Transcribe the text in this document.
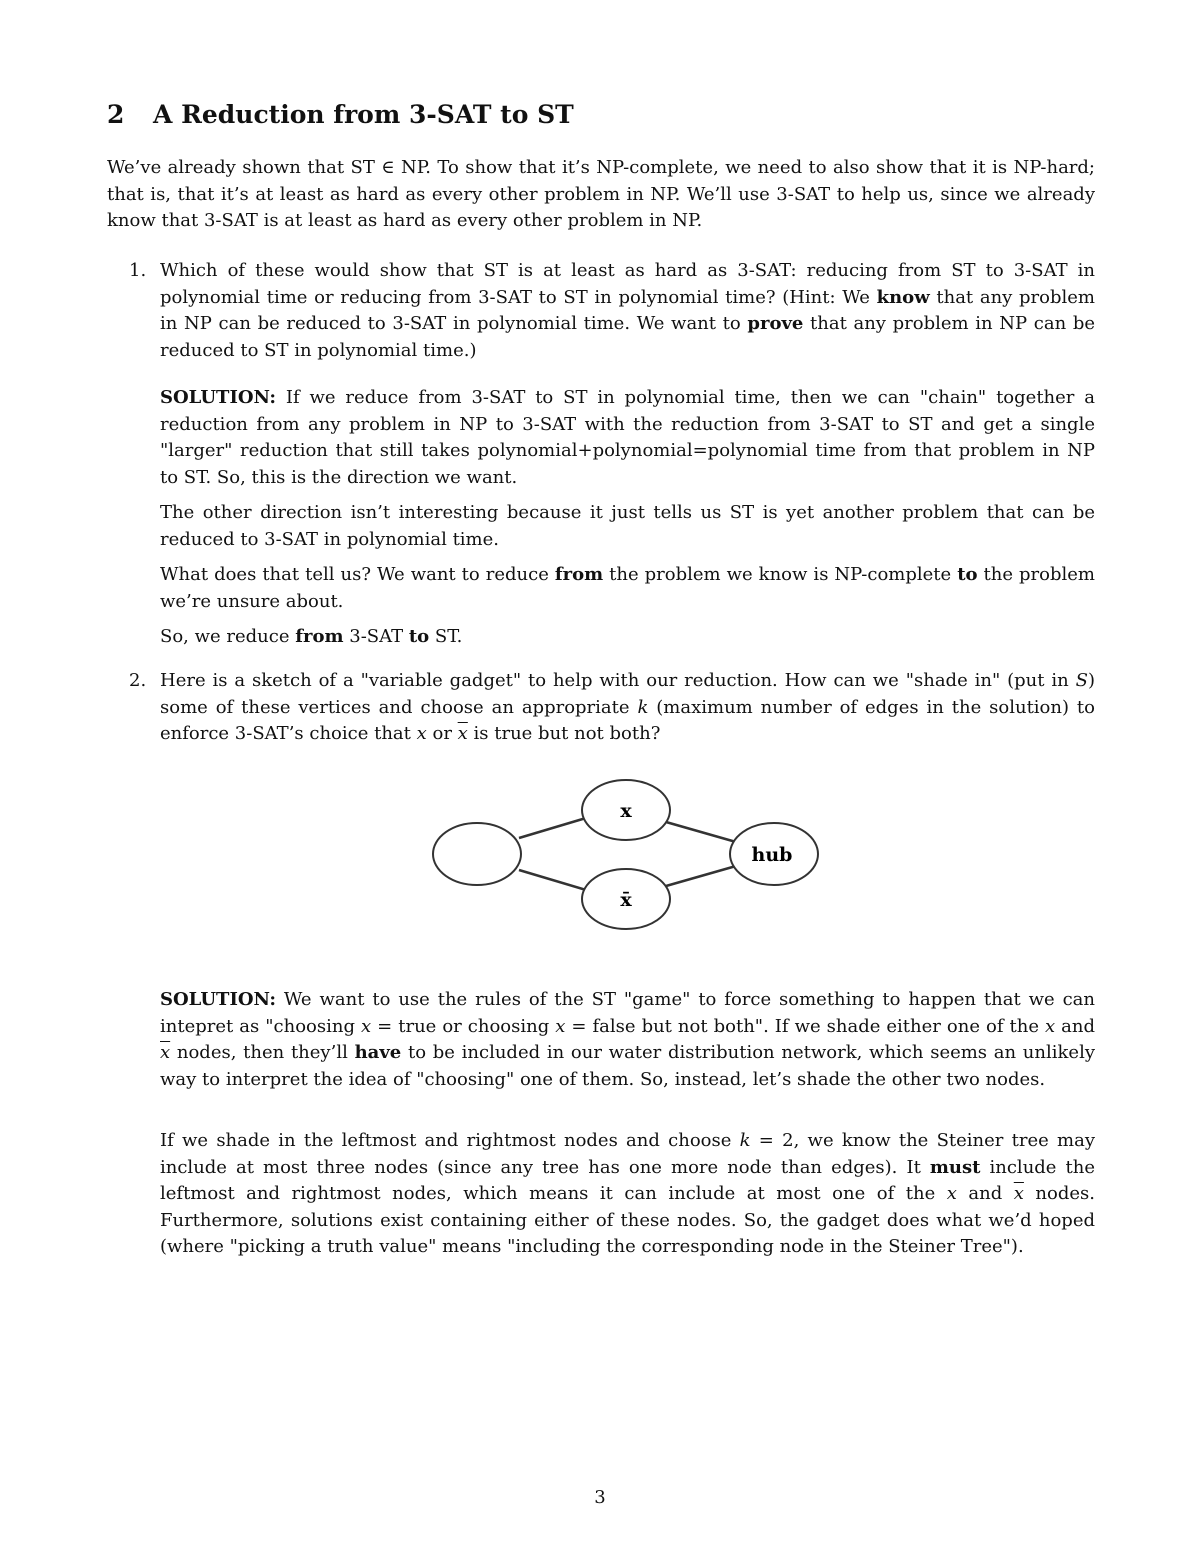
2 A Reduction from 3-SAT to ST

We’ve already shown that ST ∈ NP. To show that it’s NP-complete, we need to also show that it is NP-hard; that is, that it’s at least as hard as every other problem in NP. We’ll use 3-SAT to help us, since we already know that 3-SAT is at least as hard as every other problem in NP.

1. Which of these would show that ST is at least as hard as 3-SAT: reducing from ST to 3-SAT in polynomial time or reducing from 3-SAT to ST in polynomial time? (Hint: We know that any problem in NP can be reduced to 3-SAT in polynomial time. We want to prove that any problem in NP can be reduced to ST in polynomial time.)

SOLUTION: If we reduce from 3-SAT to ST in polynomial time, then we can "chain" together a reduction from any problem in NP to 3-SAT with the reduction from 3-SAT to ST and get a single "larger" reduction that still takes polynomial+polynomial=polynomial time from that problem in NP to ST. So, this is the direction we want.

The other direction isn’t interesting because it just tells us ST is yet another problem that can be reduced to 3-SAT in polynomial time.

What does that tell us? We want to reduce from the problem we know is NP-complete to the problem we’re unsure about.

So, we reduce from 3-SAT to ST.

2. Here is a sketch of a "variable gadget" to help with our reduction. How can we "shade in" (put in S) some of these vertices and choose an appropriate k (maximum number of edges in the solution) to enforce 3-SAT’s choice that x or $\overline{x}$ is true but not both?

x
x̄
hub

SOLUTION: We want to use the rules of the ST "game" to force something to happen that we can intepret as "choosing x = true or choosing x = false but not both". If we shade either one of the x and $\overline{x}$ nodes, then they’ll have to be included in our water distribution network, which seems an unlikely way to interpret the idea of "choosing" one of them. So, instead, let’s shade the other two nodes.

If we shade in the leftmost and rightmost nodes and choose k = 2, we know the Steiner tree may include at most three nodes (since any tree has one more node than edges). It must include the leftmost and rightmost nodes, which means it can include at most one of the x and $\overline{x}$ nodes. Furthermore, solutions exist containing either of these nodes. So, the gadget does what we’d hoped (where "picking a truth value" means "including the corresponding node in the Steiner Tree").

3
